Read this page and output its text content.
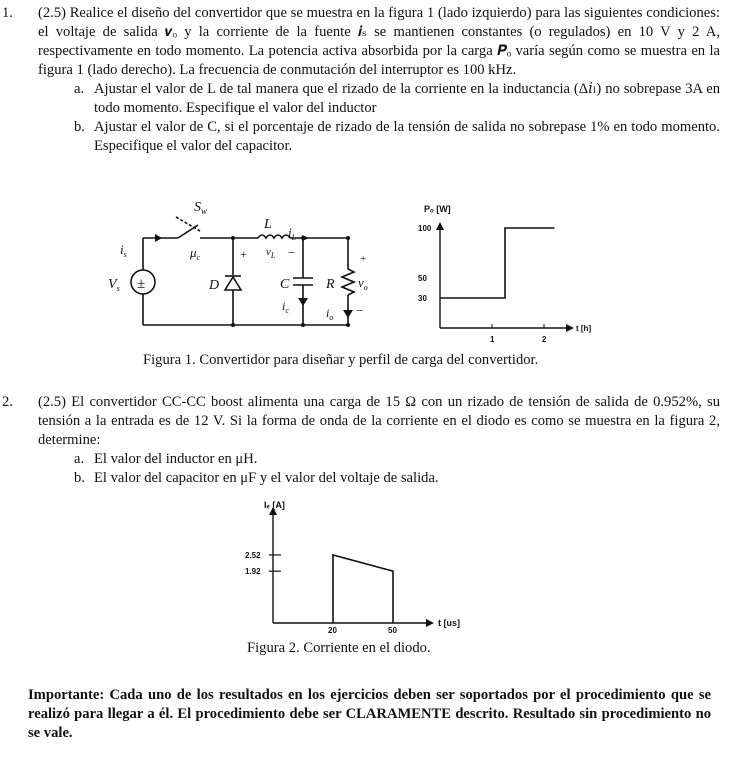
1. (2.5) Realice el diseño del convertidor que se muestra en la figura 1 (lado izquierdo) para las siguientes condiciones: el voltaje de salida 𝒗ₒ y la corriente de la fuente 𝒊ₛ se mantienen constantes (o regulados) en 10 V y 2 A, respectivamente en todo momento. La potencia activa absorbida por la carga 𝑷ₒ varía según como se muestra en la figura 1 (lado derecho). La frecuencia de conmutación del interruptor es 100 kHz.
a. Ajustar el valor de L de tal manera que el rizado de la corriente en la inductancia (Δ𝑖ₗ) no sobrepase 3A en todo momento. Especifique el valor del inductor
b. Ajustar el valor de C, si el porcentaje de rizado de la tensión de salida no sobrepase 1% en todo momento. Especifique el valor del capacitor.
$S_w$
L
$i_L$
$\mu_c$	+ $v_L$ −
$i_s$
$V_s$ ±	D	C
$i_c$
R $v_o$
$i_o$
+
−
Pₒ [W]
t [h]
1	2
100
50
30
Figura 1. Convertidor para diseñar y perfil de carga del convertidor.
2. (2.5) El convertidor CC-CC boost alimenta una carga de 15 Ω con un rizado de tensión de salida de 0.952%, su tensión a la entrada es de 12 V. Si la forma de onda de la corriente en el diodo es como se muestra en la figura 2, determine:
a. El valor del inductor en μH.
b. El valor del capacitor en μF y el valor del voltaje de salida.
Iₑ [A]
t [us]
20	50
2.52
1.92
Figura 2. Corriente en el diodo.
Importante: Cada uno de los resultados en los ejercicios deben ser soportados por el procedimiento que se realizó para llegar a él. El procedimiento debe ser CLARAMENTE descrito. Resultado sin procedimiento no se vale.
